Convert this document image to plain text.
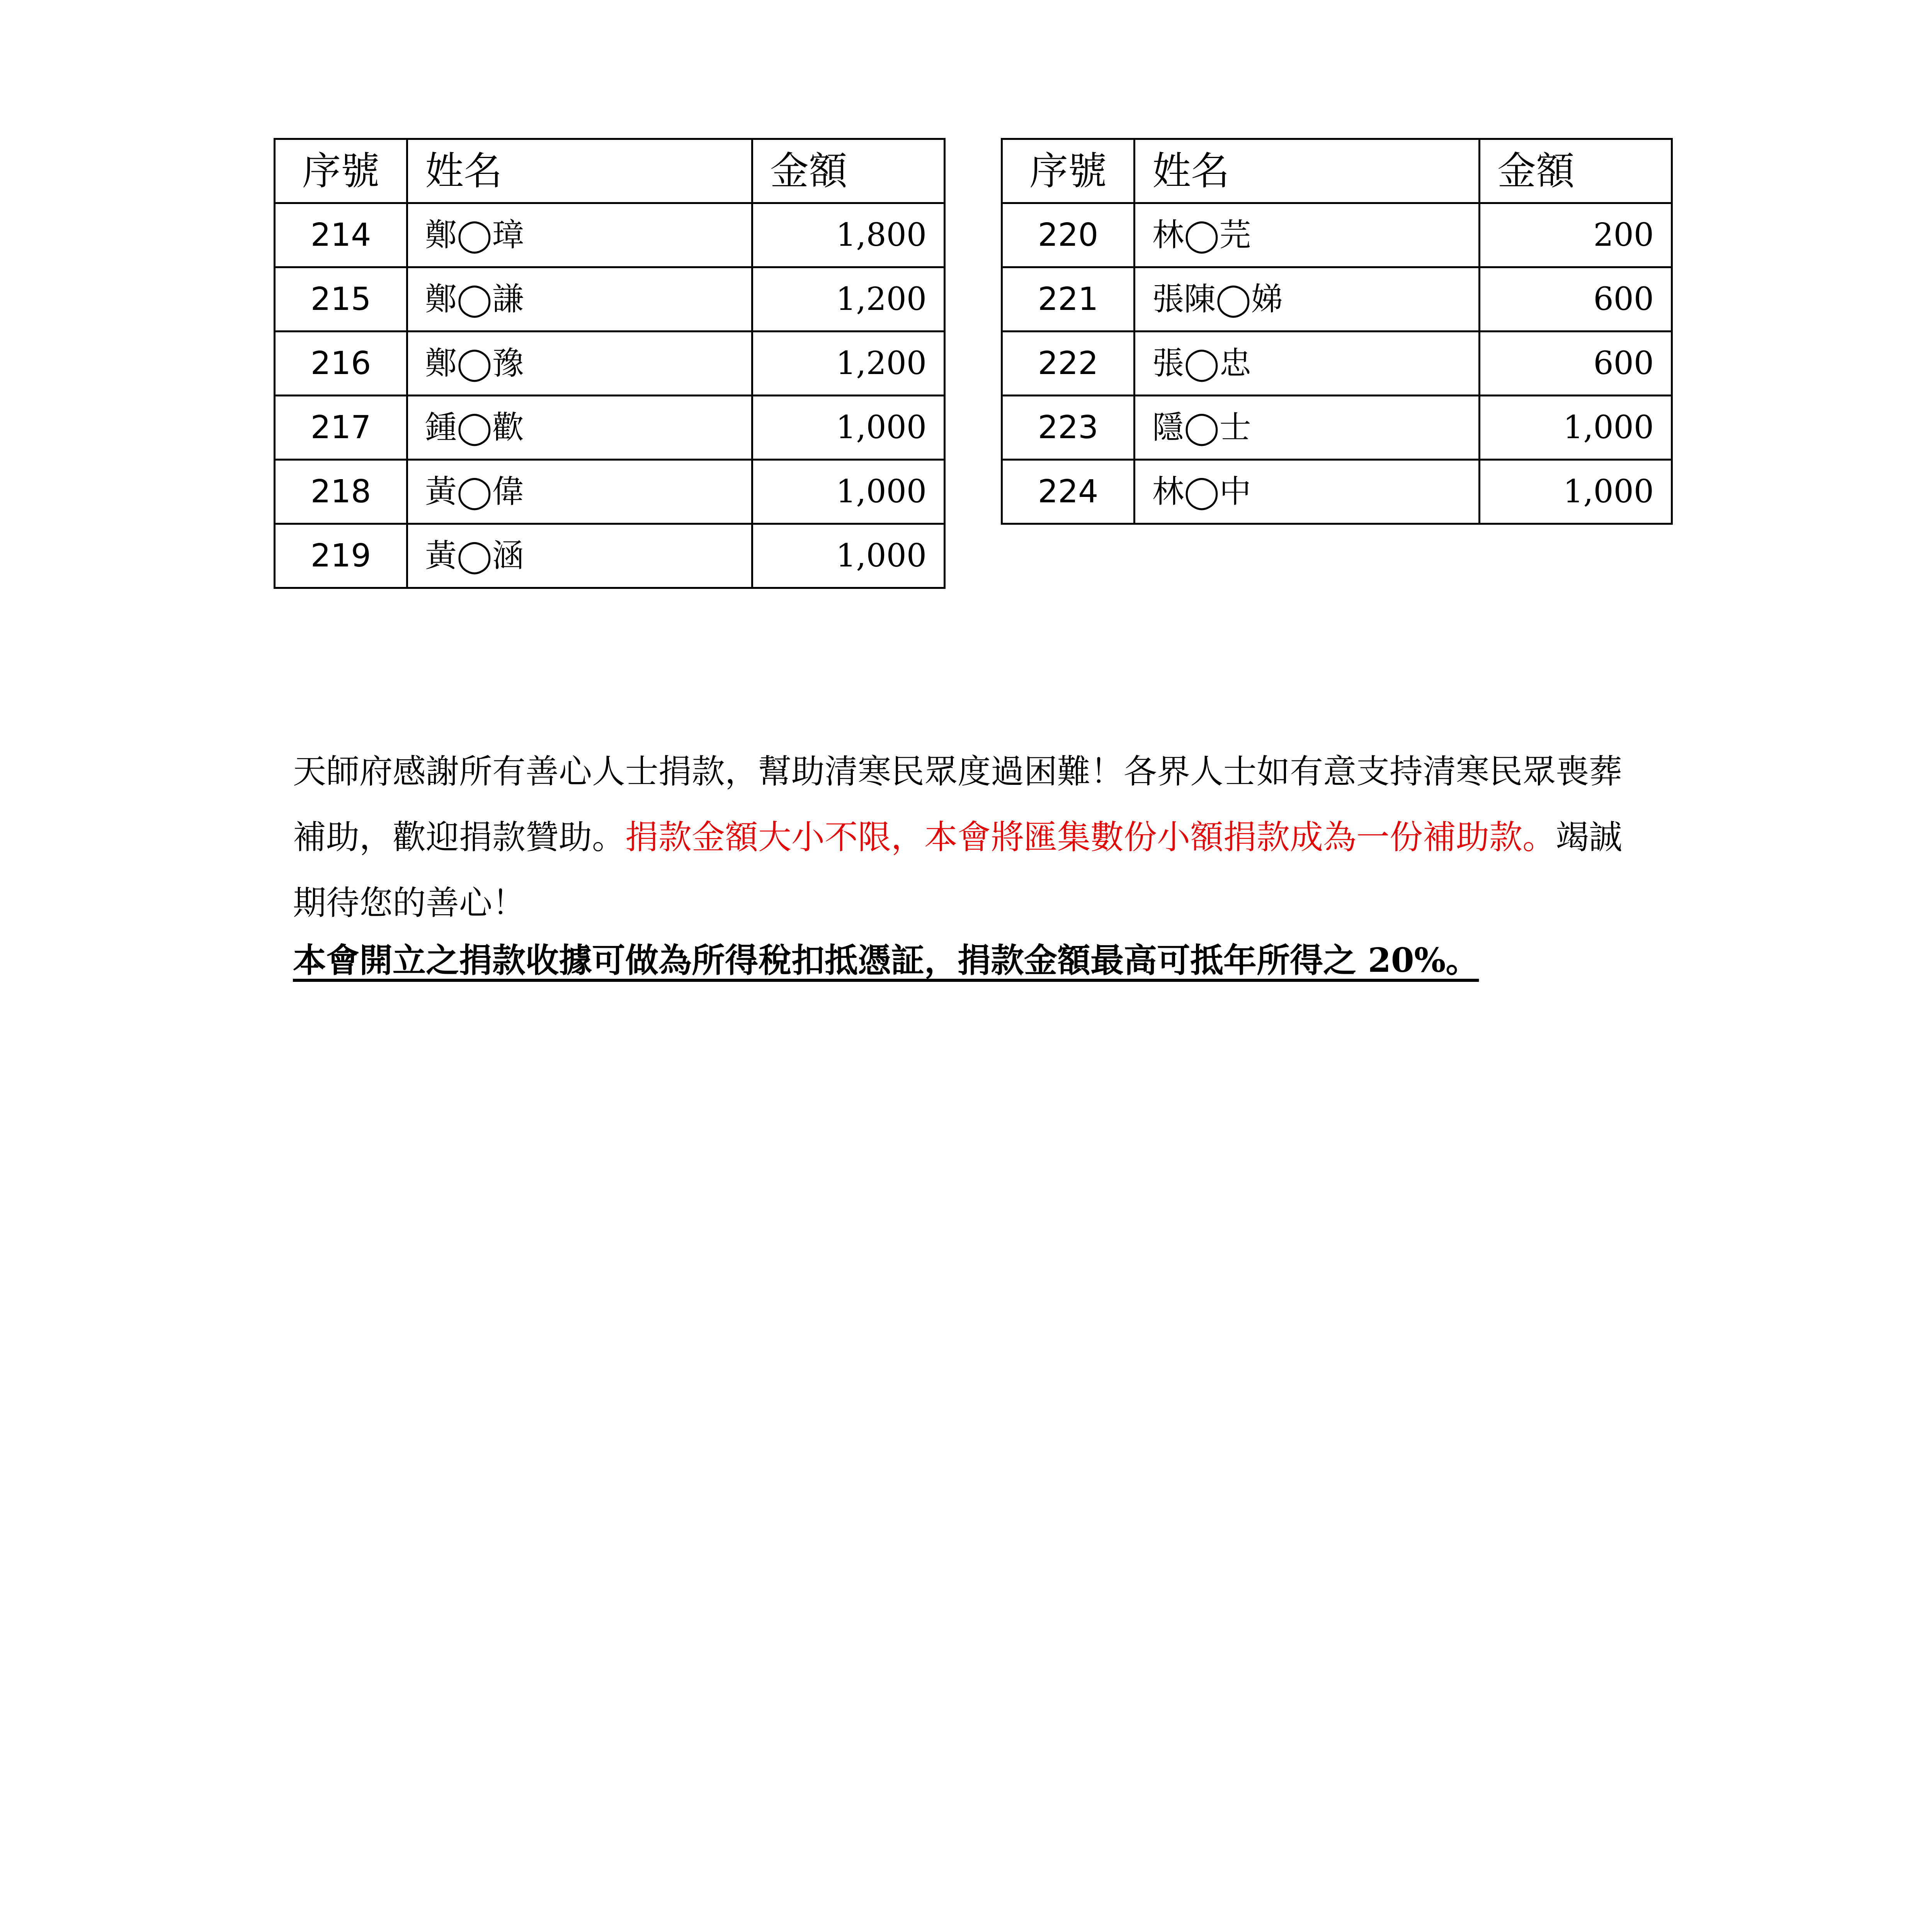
序號	姓名	金額
214	鄭◯璋	1,800
215	鄭◯謙	1,200
216	鄭◯豫	1,200
217	鍾◯歡	1,000
218	黃◯偉	1,000
219	黃◯涵	1,000
序號	姓名	金額
220	林◯芫	200
221	張陳◯娣	600
222	張◯忠	600
223	隱◯士	1,000
224	林◯中	1,000

天師府感謝所有善心人士捐款，幫助清寒民眾度過困難！各界人士如有意支持清寒民眾喪葬補助，歡迎捐款贊助。捐款金額大小不限，本會將匯集數份小額捐款成為一份補助款。竭誠期待您的善心！

本會開立之捐款收據可做為所得稅扣抵憑証，捐款金額最高可抵年所得之 20%。
